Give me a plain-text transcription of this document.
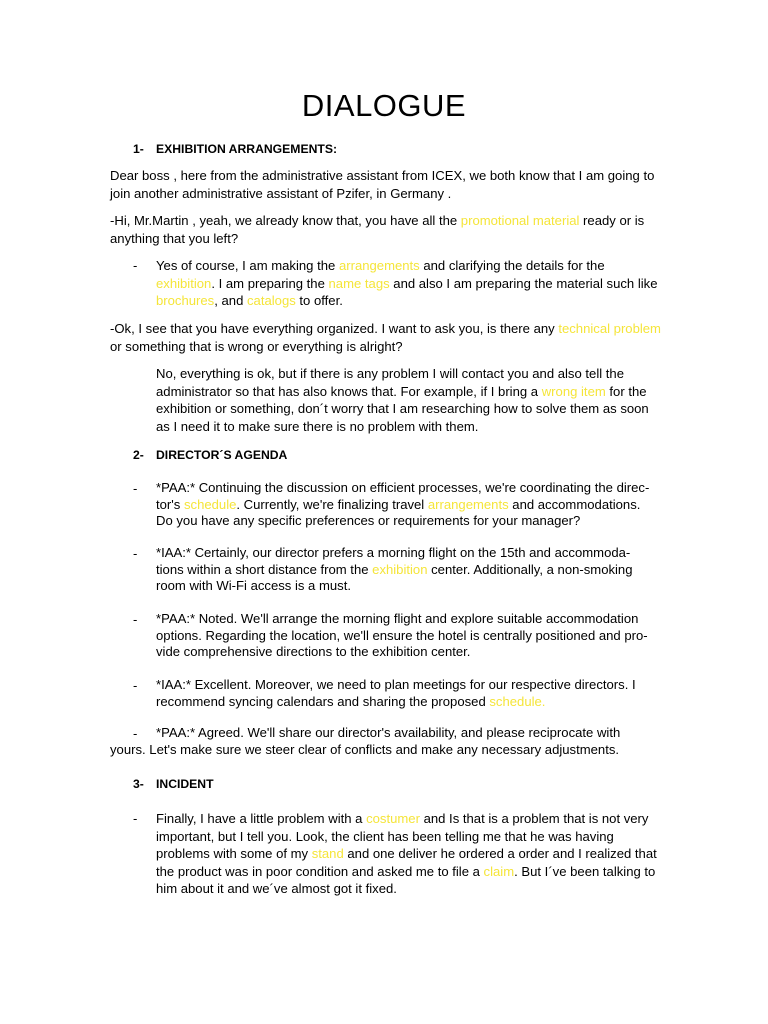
DIALOGUE
1- EXHIBITION ARRANGEMENTS:
Dear boss , here from the administrative assistant from ICEX, we both know that I am going to
join another administrative assistant of Pzifer, in Germany .
-Hi, Mr.Martin , yeah, we already know that, you have all the promotional material ready or is
anything that you left?
- Yes of course, I am making the arrangements and clarifying the details for the
exhibition. I am preparing the name tags and also I am preparing the material such like
brochures, and catalogs to offer.
-Ok, I see that you have everything organized. I want to ask you, is there any technical problem
or something that is wrong or everything is alright?
No, everything is ok, but if there is any problem I will contact you and also tell the
administrator so that has also knows that. For example, if I bring a wrong item for the
exhibition or something, don´t worry that I am researching how to solve them as soon
as I need it to make sure there is no problem with them.
2- DIRECTOR´S AGENDA
- *PAA:* Continuing the discussion on efficient processes, we're coordinating the direc-
tor's schedule. Currently, we're finalizing travel arrangements and accommodations.
Do you have any specific preferences or requirements for your manager?
- *IAA:* Certainly, our director prefers a morning flight on the 15th and accommoda-
tions within a short distance from the exhibition center. Additionally, a non-smoking
room with Wi-Fi access is a must.
- *PAA:* Noted. We'll arrange the morning flight and explore suitable accommodation
options. Regarding the location, we'll ensure the hotel is centrally positioned and pro-
vide comprehensive directions to the exhibition center.
- *IAA:* Excellent. Moreover, we need to plan meetings for our respective directors. I
recommend syncing calendars and sharing the proposed schedule.
- *PAA:* Agreed. We'll share our director's availability, and please reciprocate with
yours. Let's make sure we steer clear of conflicts and make any necessary adjustments.
3- INCIDENT
- Finally, I have a little problem with a costumer and Is that is a problem that is not very
important, but I tell you. Look, the client has been telling me that he was having
problems with some of my stand and one deliver he ordered a order and I realized that
the product was in poor condition and asked me to file a claim. But I´ve been talking to
him about it and we´ve almost got it fixed.
